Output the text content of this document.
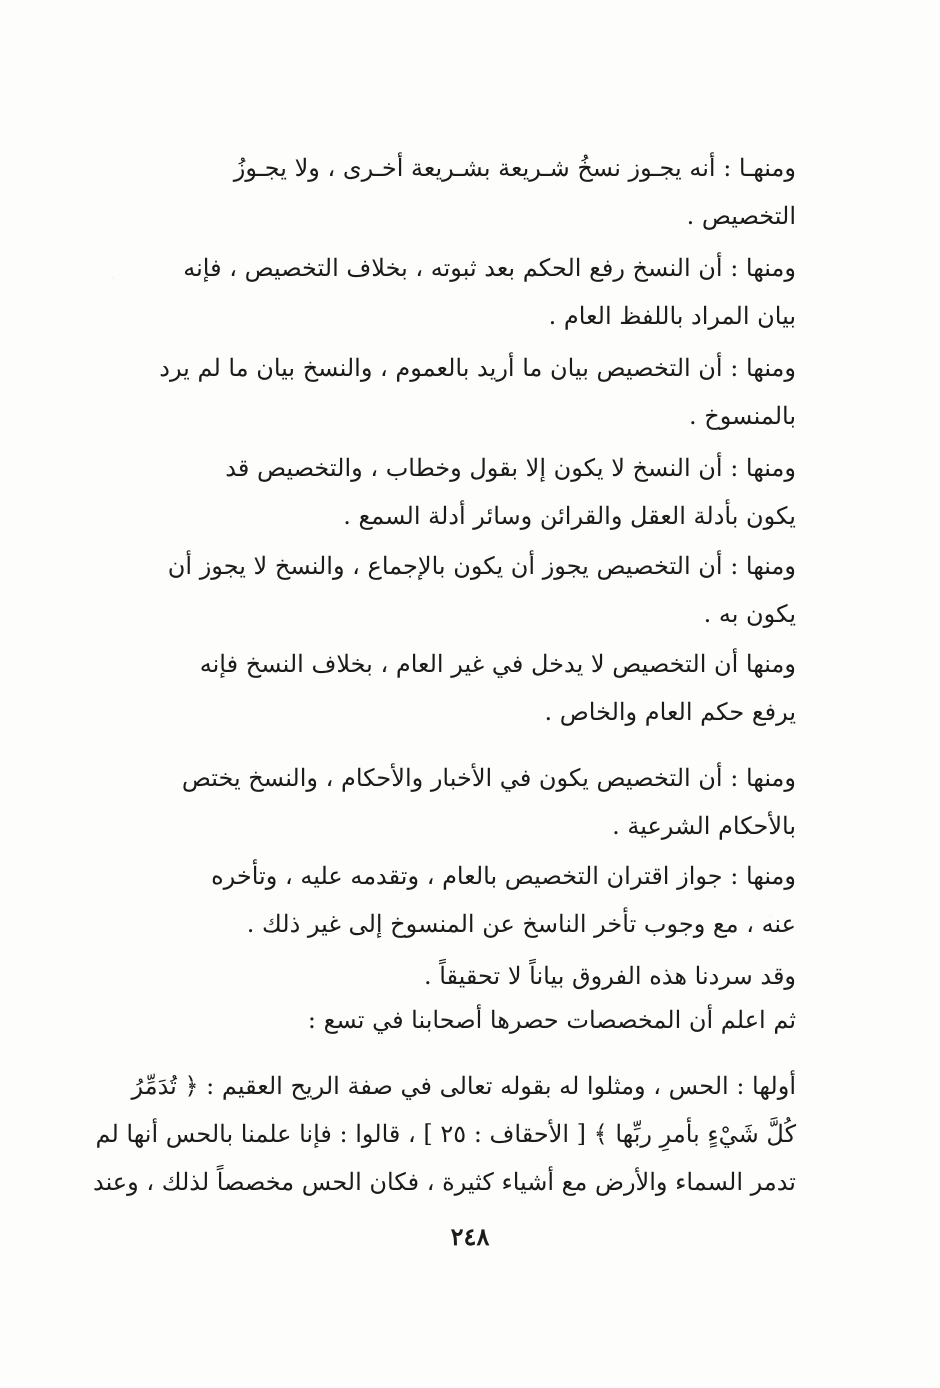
ومنهـا : أنه يجـوز نسخُ شـريعة بشـريعة أخـرى ، ولا يجـوزُ
التخصيص .
ومنها : أن النسخ رفع الحكم بعد ثبوته ، بخلاف التخصيص ، فإنه
بيان المراد باللفظ العام .
ومنها : أن التخصيص بيان ما أريد بالعموم ، والنسخ بيان ما لم يرد
بالمنسوخ .
ومنها : أن النسخ لا يكون إلا بقول وخطاب ، والتخصيص قد
يكون بأدلة العقل والقرائن وسائر أدلة السمع .
ومنها : أن التخصيص يجوز أن يكون بالإجماع ، والنسخ لا يجوز أن
يكون به .
ومنها أن التخصيص لا يدخل في غير العام ، بخلاف النسخ فإنه
يرفع حكم العام والخاص .
ومنها : أن التخصيص يكون في الأخبار والأحكام ، والنسخ يختص
بالأحكام الشرعية .
ومنها : جواز اقتران التخصيص بالعام ، وتقدمه عليه ، وتأخره
عنه ، مع وجوب تأخر الناسخ عن المنسوخ إلى غير ذلك .
وقد سردنا هذه الفروق بياناً لا تحقيقاً .
ثم اعلم أن المخصصات حصرها أصحابنا في تسع :
أولها : الحس ، ومثلوا له بقوله تعالى في صفة الريح العقيم : ﴿ تُدَمِّرُ
كُلَّ شَيْءٍ بأمرِ ربِّها ﴾ [ الأحقاف : ٢٥ ] ، قالوا : فإنا علمنا بالحس أنها لم
تدمر السماء والأرض مع أشياء كثيرة ، فكان الحس مخصصاً لذلك ، وعند
٢٤٨
